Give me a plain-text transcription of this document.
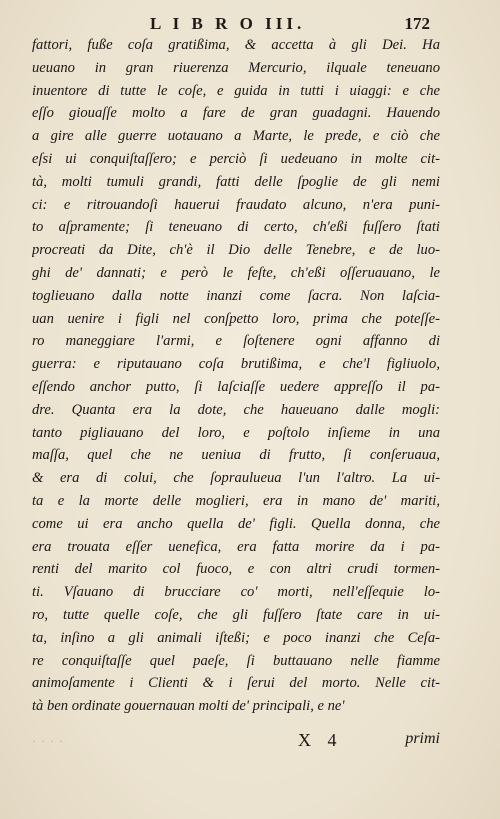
L I B R O III.	172
fattori, fuße coſa gratißima, & accetta à gli Dei. Ha
ueuano in gran riuerenza Mercurio, ilquale teneuano
inuentore di tutte le coſe, e guida in tutti i uiaggi: e che
eſſo giouaſſe molto a fare de gran guadagni. Hauendo
a gire alle guerre uotauano a Marte, le prede, e ciò che
eſsi ui conquiſtaſſero; e perciò ſi uedeuano in molte cit-
tà, molti tumuli grandi, fatti delle ſpoglie de gli nemi
ci: e ritrouandoſi hauerui fraudato alcuno, n'era puni-
to aſpramente; ſi teneuano di certo, ch'eßi fuſſero ſtati
procreati da Dite, ch'è il Dio delle Tenebre, e de luo-
ghi de' dannati; e però le feſte, ch'eßi oſſeruauano, le
toglieuano dalla notte inanzi come ſacra. Non laſcia-
uan uenire i figli nel conſpetto loro, prima che poteſſe-
ro maneggiare l'armi, e ſoſtenere ogni affanno di
guerra: e riputauano coſa brutißima, e che'l figliuolo,
eſſendo anchor putto, ſi laſciaſſe uedere appreſſo il pa-
dre. Quanta era la dote, che haueuano dalle mogli:
tanto pigliauano del loro, e poſtolo inſieme in una
maſſa, quel che ne ueniua di frutto, ſi conſeruaua,
& era di colui, che ſopraulueua l'un l'altro. La ui-
ta e la morte delle moglieri, era in mano de' mariti,
come ui era ancho quella de' figli. Quella donna, che
era trouata eſſer uenefica, era fatta morire da i pa-
renti del marito col fuoco, e con altri crudi tormen-
ti. Vſauano di brucciare co' morti, nell'eſſequie lo-
ro, tutte quelle coſe, che gli fuſſero ſtate care in ui-
ta, inſino a gli animali iſteßi; e poco inanzi che Ceſa-
re conquiſtaſſe quel paeſe, ſi buttauano nelle fiamme
animoſamente i Clienti & i ſerui del morto. Nelle cit-
tà ben ordinate gouernauan molti de' principali, e ne'
· · · ·	X 4	primi
